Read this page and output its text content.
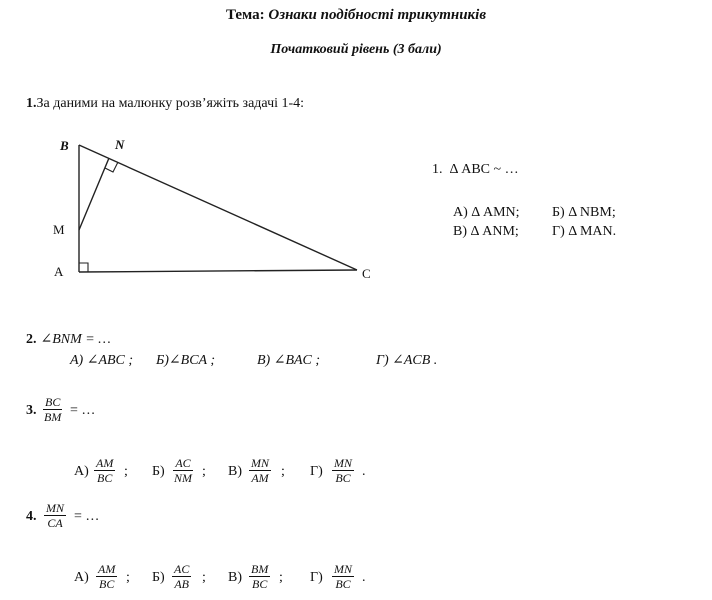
Тема: Ознаки подібності трикутників
Початковий рівень (3 бали)
1.За даними на малюнку розв’яжіть задачі 1-4:
B	N
M
A	C
1. Δ ABC ~ …
А) Δ AMN; Б) Δ NBM;
В) Δ ANM; Г) Δ MAN.
2. ∠BNM = …
А) ∠ABC ; Б)∠BCA ;	В) ∠BAC ;	Г) ∠ACB .
3. $\frac{BC}{BM}$ = …
$А) \frac{AM}{BC}$ ; $Б) \frac{AC}{NM}$ ; $В) \frac{MN}{AM}$ ; $Г) \frac{MN}{BC}$ .
4. $\frac{MN}{CA}$ = …
$А) \frac{AM}{BC}$ ; $Б) \frac{AC}{AB}$ ; $В) \frac{BM}{BC}$ ; $Г) \frac{MN}{BC}$ .
